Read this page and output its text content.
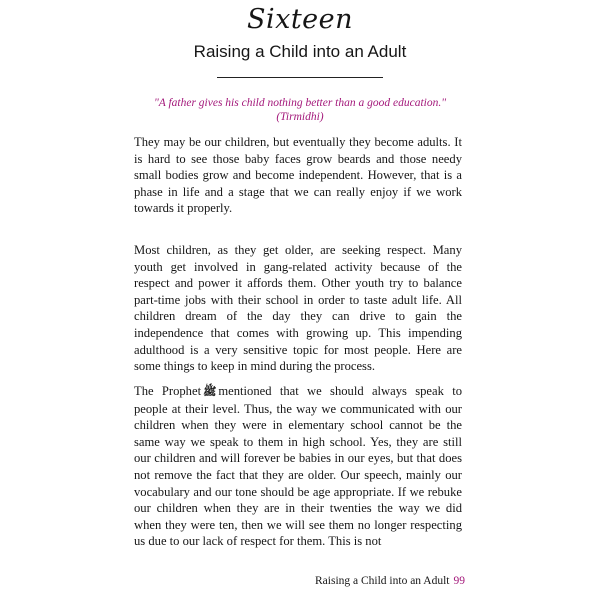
Sixteen
Raising a Child into an Adult

"A father gives his child nothing better than a good education."

(Tirmidhi)

They may be our children, but eventually they become adults. It is hard to see those baby faces grow beards and those needy small bodies grow and become independent. However, that is a phase in life and a stage that we can really enjoy if we work towards it properly.

Most children, as they get older, are seeking respect. Many youth get involved in gang-related activity because of the respect and power it affords them. Other youth try to balance part-time jobs with their school in order to taste adult life. All children dream of the day they can drive to gain the independence that comes with growing up. This impending adulthood is a very sensitive topic for most people. Here are some things to keep in mind during the process.

The Prophet ﷺ mentioned that we should always speak to people at their level. Thus, the way we communicated with our children when they were in elementary school cannot be the same way we speak to them in high school. Yes, they are still our children and will forever be babies in our eyes, but that does not remove the fact that they are older. Our speech, mainly our vocabulary and our tone should be age appropriate. If we rebuke our children when they are in their twenties the way we did when they were ten, then we will see them no longer respecting us due to our lack of respect for them. This is not

Raising a Child into an Adult 99
